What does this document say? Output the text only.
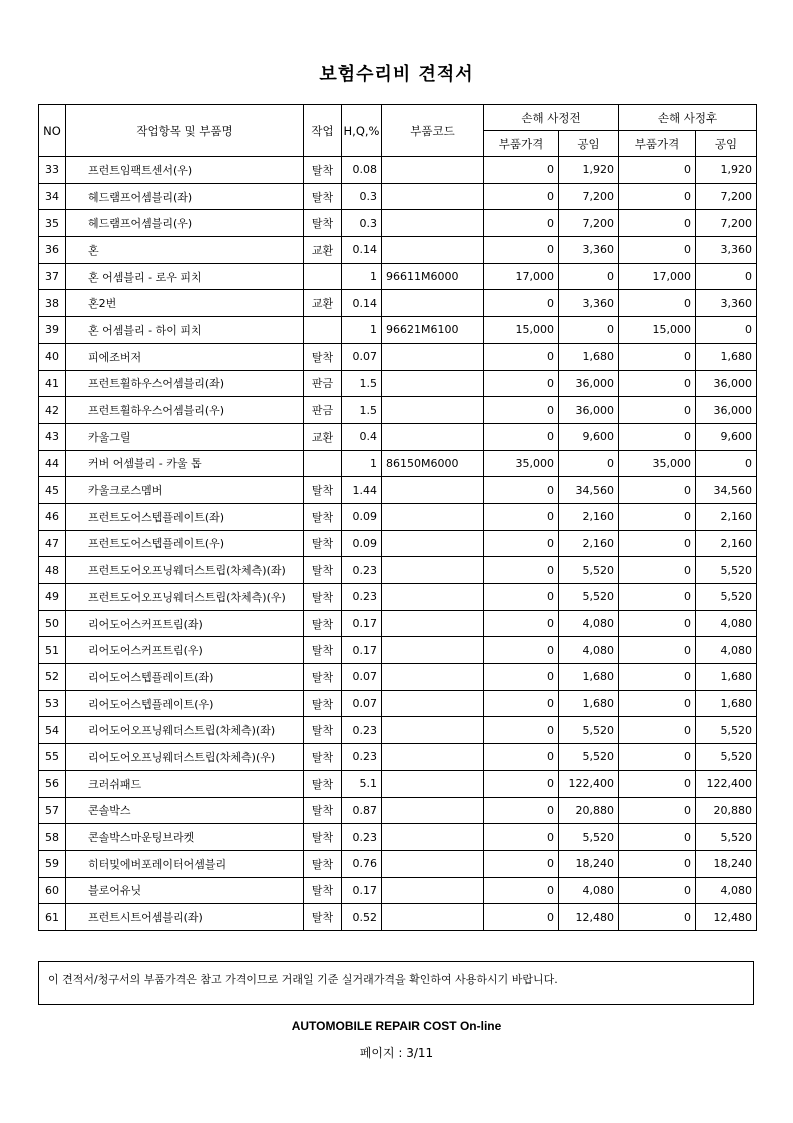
보험수리비 견적서
NO	작업항목 및 부품명	작업	H,Q,%	부품코드	손해 사정전		손해 사정후	
					부품가격	공임	부품가격	공임
33	프런트임팩트센서(우)	탈착	0.08		0	1,920	0	1,920
34	헤드램프어셈블리(좌)	탈착	0.3		0	7,200	0	7,200
35	헤드램프어셈블리(우)	탈착	0.3		0	7,200	0	7,200
36	혼	교환	0.14		0	3,360	0	3,360
37	혼 어셈블리 - 로우 피치		1	96611M6000	17,000	0	17,000	0
38	혼2번	교환	0.14		0	3,360	0	3,360
39	혼 어셈블리 - 하이 피치		1	96621M6100	15,000	0	15,000	0
40	피에조버저	탈착	0.07		0	1,680	0	1,680
41	프런트휠하우스어셈블리(좌)	판금	1.5		0	36,000	0	36,000
42	프런트휠하우스어셈블리(우)	판금	1.5		0	36,000	0	36,000
43	카울그릴	교환	0.4		0	9,600	0	9,600
44	커버 어셈블리 - 카울 톱		1	86150M6000	35,000	0	35,000	0
45	카울크로스멤버	탈착	1.44		0	34,560	0	34,560
46	프런트도어스텝플레이트(좌)	탈착	0.09		0	2,160	0	2,160
47	프런트도어스텝플레이트(우)	탈착	0.09		0	2,160	0	2,160
48	프런트도어오프닝웨더스트립(차체측)(좌)	탈착	0.23		0	5,520	0	5,520
49	프런트도어오프닝웨더스트립(차체측)(우)	탈착	0.23		0	5,520	0	5,520
50	리어도어스커프트림(좌)	탈착	0.17		0	4,080	0	4,080
51	리어도어스커프트림(우)	탈착	0.17		0	4,080	0	4,080
52	리어도어스텝플레이트(좌)	탈착	0.07		0	1,680	0	1,680
53	리어도어스텝플레이트(우)	탈착	0.07		0	1,680	0	1,680
54	리어도어오프닝웨더스트립(차체측)(좌)	탈착	0.23		0	5,520	0	5,520
55	리어도어오프닝웨더스트립(차체측)(우)	탈착	0.23		0	5,520	0	5,520
56	크러쉬패드	탈착	5.1		0	122,400	0	122,400
57	콘솔박스	탈착	0.87		0	20,880	0	20,880
58	콘솔박스마운팅브라켓	탈착	0.23		0	5,520	0	5,520
59	히터및에버포레이터어셈블리	탈착	0.76		0	18,240	0	18,240
60	블로어유닛	탈착	0.17		0	4,080	0	4,080
61	프런트시트어셈블리(좌)	탈착	0.52		0	12,480	0	12,480
이 견적서/청구서의 부품가격은 참고 가격이므로 거래일 기준 실거래가격을 확인하여 사용하시기 바랍니다.
AUTOMOBILE REPAIR COST On-line
페이지 : 3/11
